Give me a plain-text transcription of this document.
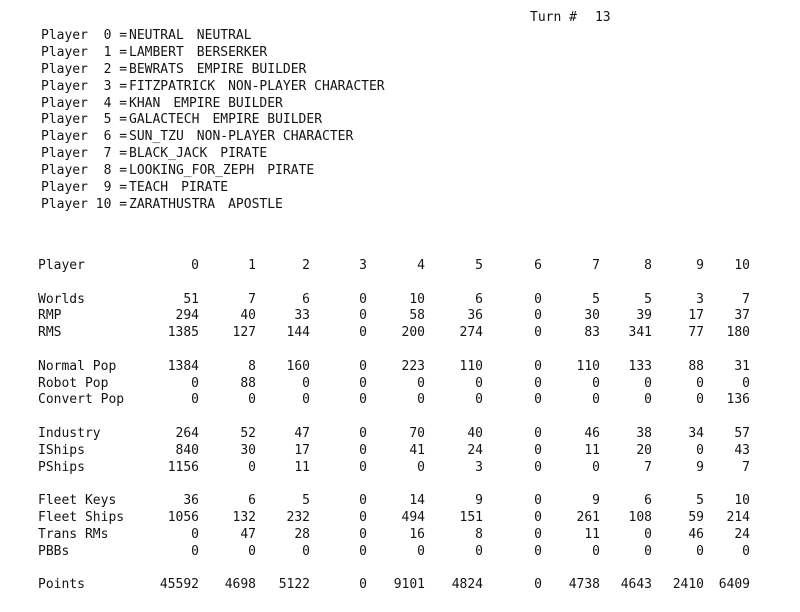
Turn # 13
Player  0 = NEUTRAL NEUTRAL
Player  1 = LAMBERT BERSERKER
Player  2 = BEWRATS EMPIRE BUILDER
Player  3 = FITZPATRICK NON-PLAYER CHARACTER
Player  4 = KHAN EMPIRE BUILDER
Player  5 = GALACTECH EMPIRE BUILDER
Player  6 = SUN_TZU NON-PLAYER CHARACTER
Player  7 = BLACK_JACK PIRATE
Player  8 = LOOKING_FOR_ZEPH PIRATE
Player  9 = TEACH PIRATE
Player 10 = ZARATHUSTRA APOSTLE
Player	0	1	2	3	4	5	6	7	8	9	10

Worlds	51	7	6	0	10	6	0	5	5	3	7
RMP	294	40	33	0	58	36	0	30	39	17	37
RMS	1385	127	144	0	200	274	0	83	341	77	180

Normal Pop	1384	8	160	0	223	110	0	110	133	88	31
Robot Pop	0	88	0	0	0	0	0	0	0	0	0
Convert Pop	0	0	0	0	0	0	0	0	0	0	136

Industry	264	52	47	0	70	40	0	46	38	34	57
IShips	840	30	17	0	41	24	0	11	20	0	43
PShips	1156	0	11	0	0	3	0	0	7	9	7

Fleet Keys	36	6	5	0	14	9	0	9	6	5	10
Fleet Ships	1056	132	232	0	494	151	0	261	108	59	214
Trans RMs	0	47	28	0	16	8	0	11	0	46	24
PBBs	0	0	0	0	0	0	0	0	0	0	0

Points	45592	4698	5122	0	9101	4824	0	4738	4643	2410	6409
